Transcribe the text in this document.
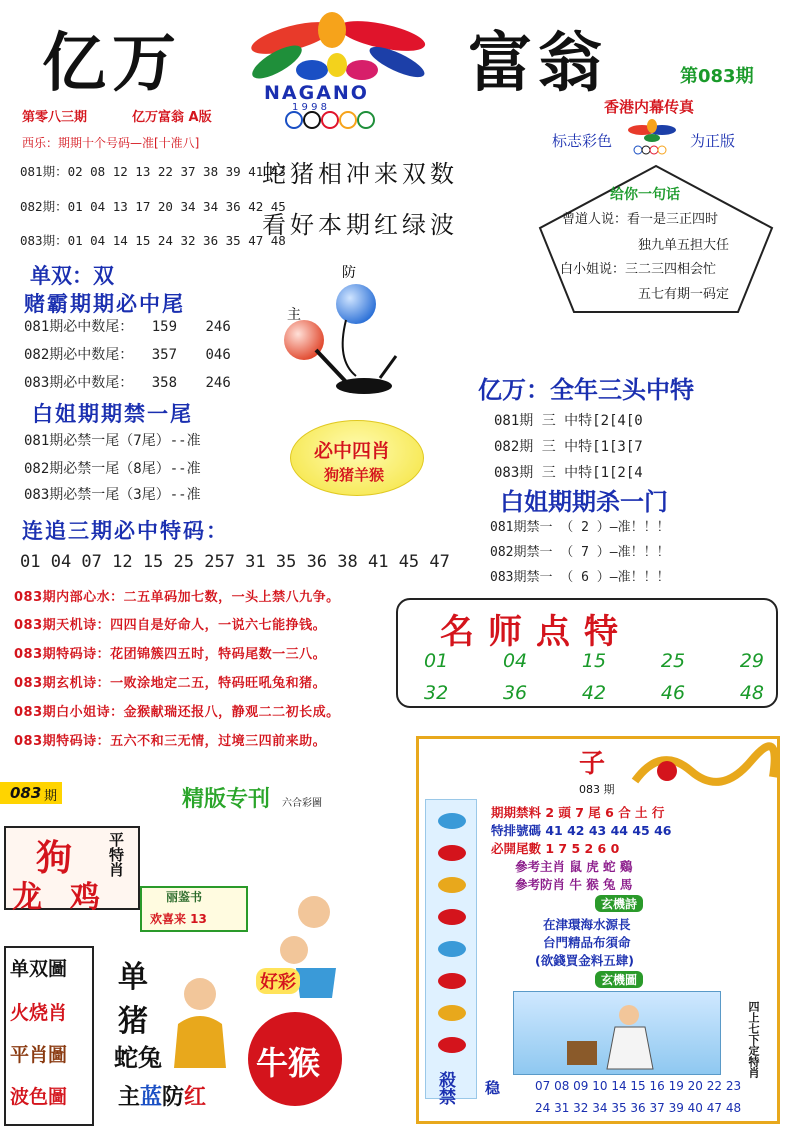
亿万	富翁
NAGANO
1 9 9 8
第083期
第零八三期	亿万富翁 A版
西乐：期期十个号码—准[十准八]
081期：02 08 12 13 22 37 38 39 41 43
082期：01 04 13 17 20 34 34 36 42 45
083期：01 04 14 15 24 32 36 35 47 48
蛇猪相冲来双数
看好本期红绿波
香港内幕传真
标志彩色	为正版
给你一句话
曾道人说：看一是三正四时
独九单五担大任
白小姐说：三二三四相会忙
五七有期一码定
单双：双
赌霸期期必中尾
081期必中数尾： 159 246
082期必中数尾： 357 046
083期必中数尾： 358 246
防
主
亿万：全年三头中特
081期 三 中特[2[4[0
082期 三 中特[1[3[7
083期 三 中特[1[2[4
白姐期期禁一尾
081期必禁一尾（7尾）--准
082期必禁一尾（8尾）--准
083期必禁一尾（3尾）--准
必中四肖
狗猪羊猴
白姐期期杀一门
081期禁一 （ 2 ）—准！！！
082期禁一 （ 7 ）—准！！！
083期禁一 （ 6 ）—准！！！
连追三期必中特码：
01 04 07 12 15 25 257 31 35 36 38 41 45 47
名师点特
01	04	15	25	29
32	36	42	46	48
083期内部心水：二五单码加七数，一头上禁八九争。
083期天机诗：四四自是好命人，一说六七能挣钱。
083期特码诗：花团锦簇四五时，特码尾数一三八。
083期玄机诗：一败涂地定二五，特码旺吼兔和猪。
083期白小姐诗：金猴献瑞还报八，静观二二初长成。
083期特码诗：五六不和三无情，过境三四前来助。
083 期	精版专刊 六合彩圖
狗
龙 鸡
平特肖
丽鉴书
欢喜来 13
单双圖
火烧肖
平肖圖
波色圖
单
猪
蛇兔
主蓝防红
好彩
牛猴
子
083 期
殺禁
期期禁料 2 頭 7 尾 6 合 土 行
特排號碼 41 42 43 44 45 46
必開尾數 1 7 5 2 6 0
參考主肖 鼠 虎 蛇 鷄
參考防肖 牛 猴 兔 馬
玄機詩
在津環海水源長
台門精品布須命
(欲錢買金料五肆)
玄機圖
四上七下定特肖
稳	07 08 09 10 14 15 16 19 20 22 23
24 31 32 34 35 36 37 39 40 47 48
